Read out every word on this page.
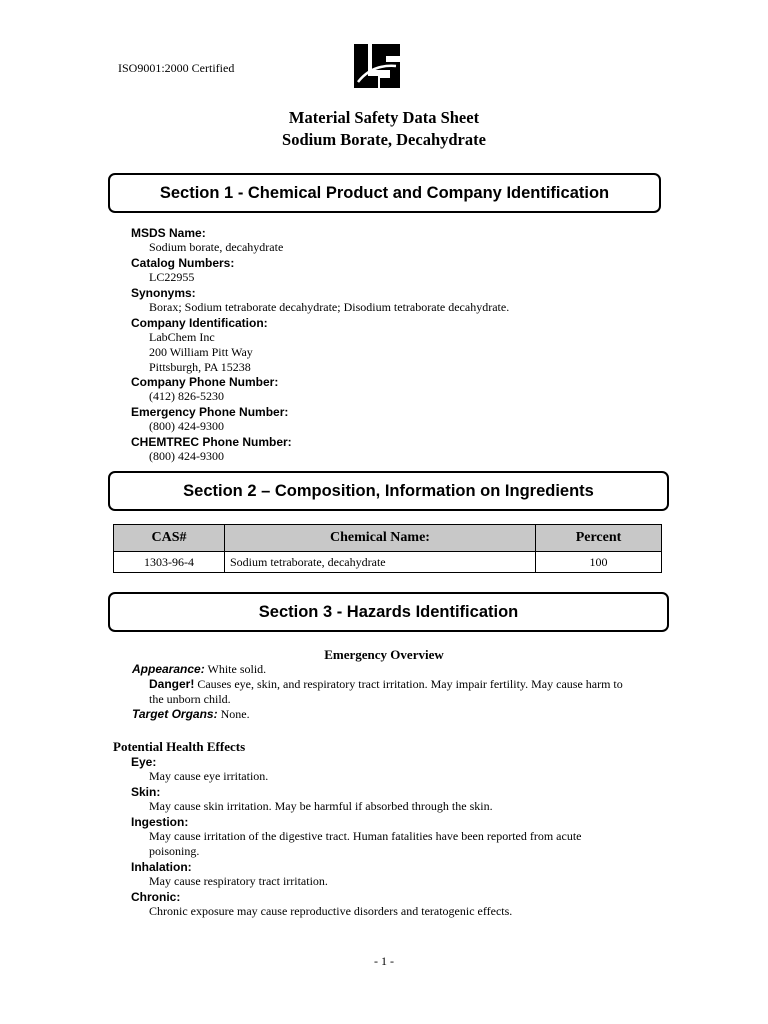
ISO9001:2000 Certified
Material Safety Data Sheet
Sodium Borate, Decahydrate
Section 1 - Chemical Product and Company Identification
MSDS Name:
Sodium borate, decahydrate
Catalog Numbers:
LC22955
Synonyms:
Borax; Sodium tetraborate decahydrate; Disodium tetraborate decahydrate.
Company Identification:
LabChem Inc
200 William Pitt Way
Pittsburgh, PA 15238
Company Phone Number:
(412) 826-5230
Emergency Phone Number:
(800) 424-9300
CHEMTREC Phone Number:
(800) 424-9300
Section 2 – Composition, Information on Ingredients
CAS#	Chemical Name:	Percent
1303-96-4	Sodium tetraborate, decahydrate	100
Section 3 - Hazards Identification
Emergency Overview
Appearance: White solid.
Danger! Causes eye, skin, and respiratory tract irritation. May impair fertility. May cause harm to
the unborn child.
Target Organs: None.
Potential Health Effects
Eye:
May cause eye irritation.
Skin:
May cause skin irritation. May be harmful if absorbed through the skin.
Ingestion:
May cause irritation of the digestive tract. Human fatalities have been reported from acute
poisoning.
Inhalation:
May cause respiratory tract irritation.
Chronic:
Chronic exposure may cause reproductive disorders and teratogenic effects.
- 1 -
